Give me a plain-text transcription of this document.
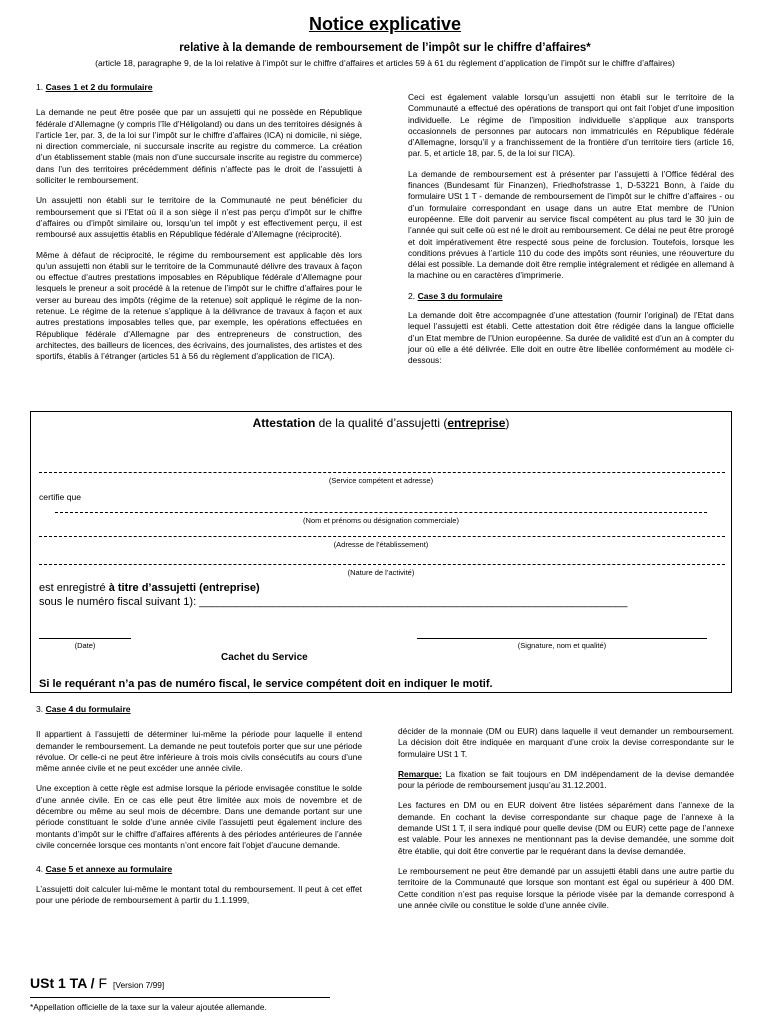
Notice explicative
relative à la demande de remboursement de l’impôt sur le chiffre d’affaires*
(article 18, paragraphe 9, de la loi relative à l’impôt sur le chiffre d’affaires et articles 59 à 61 du règlement d’application de l’impôt sur le chiffre d’affaires)
1. Cases 1 et 2 du formulaire

La demande ne peut être posée que par un assujetti qui ne possède en République fédérale d’Allemagne (y compris l’île d’Héligoland) ou dans un des territoires désignés à l’article 1er, par. 3, de la loi sur l’impôt sur le chiffre d’affaires (ICA) ni domicile, ni siège, ni direction commerciale, ni succursale inscrite au registre du commerce. La création d’un établissement stable (mais non d’une succursale inscrite au registre du commerce) dans l’un des territoires précédemment définis n’affecte pas le droit de l’assujetti à solliciter le remboursement.

Un assujetti non établi sur le territoire de la Communauté ne peut bénéficier du remboursement que si l’Etat où il a son siège il n’est pas perçu d’impôt sur le chiffre d’affaires ou d’impôt similaire ou, lorsqu’un tel impôt y est effectivement perçu, il est remboursé aux assujettis établis en République fédérale d’Allemagne (réciprocité).

Même à défaut de réciprocité, le régime du remboursement est applicable dès lors qu’un assujetti non établi sur le territoire de la Communauté délivre des travaux à façon ou effectue d’autres prestations imposables en République fédérale d’Allemagne pour lesquels le preneur a soit procédé à la retenue de l’impôt sur le chiffre d’affaires pour le verser au bureau des impôts (régime de la retenue) soit appliqué le régime de la non-retenue. Le régime de la retenue s’applique à la délivrance de travaux à façon et aux autres prestations imposables telles que, par exemple, les opérations effectuées en République fédérale d’Allemagne par des entrepreneurs de construction, des architectes, des bailleurs de licences, des écrivains, des journalistes, des artistes et des sportifs, établis à l’étranger (articles 51 à 56 du règlement d’application de l’ICA).

Ceci est également valable lorsqu’un assujetti non établi sur le territoire de la Communauté a effectué des opérations de transport qui ont fait l’objet d’une imposition individuelle. Le régime de l’imposition individuelle s’applique aux transports occasionnels de personnes par autocars non immatriculés en République fédérale d’Allemagne, lorsqu’il y a franchissement de la frontière d’un territoire tiers (article 16, par. 5, et article 18, par. 5, de la loi sur l’ICA).

La demande de remboursement est à présenter par l’assujetti à l’Office fédéral des finances (Bundesamt für Finanzen), Friedhofstrasse 1, D-53221 Bonn, à l’aide du formulaire USt 1 T - demande de remboursement de l’impôt sur le chiffre d’affaires - ou d’un formulaire correspondant en usage dans un autre Etat membre de l’Union européenne. Elle doit parvenir au service fiscal compétent au plus tard le 30 juin de l’année qui suit celle où est né le droit au remboursement. Ce délai ne peut être prorogé et doit impérativement être respecté sous peine de forclusion. Toutefois, lorsque les conditions prévues à l’article 110 du code des impôts sont réunies, une réouverture du délai est possible. La demande doit être remplie intégralement et rédigée en allemand à la machine ou en caractères d’imprimerie.

2. Case 3 du formulaire

La demande doit être accompagnée d’une attestation (fournir l’original) de l’Etat dans lequel l’assujetti est établi. Cette attestation doit être rédigée dans la langue officielle d’un Etat membre de l’Union européenne. Sa durée de validité est d’un an à compter du jour où elle a été délivrée. Elle doit en outre être libellée conformément au modèle ci-dessous:

Attestation de la qualité d’assujetti (entreprise)
(Service compétent et adresse)
certifie que
(Nom et prénoms ou désignation commerciale)
(Adresse de l’établissement)
(Nature de l’activité)
est enregistré à titre d’assujetti (entreprise)
sous le numéro fiscal suivant 1): ______________________________________________________________________
(Date)	(Signature, nom et qualité)
Cachet du Service
Si le requérant n’a pas de numéro fiscal, le service compétent doit en indiquer le motif.
3. Case 4 du formulaire

Il appartient à l’assujetti de déterminer lui-même la période pour laquelle il entend demander le remboursement. La demande ne peut toutefois porter que sur une période révolue. Or celle-ci ne peut être inférieure à trois mois civils consécutifs au cours d’une même année civile et ne peut excéder une année civile.

Une exception à cette règle est admise lorsque la période envisagée constitue le solde d’une année civile. En ce cas elle peut être limitée aux mois de novembre et de décembre ou même au seul mois de décembre. Dans une demande portant sur une période constituant le solde d’une année civile l’assujetti peut également inclure des montants d’impôt sur le chiffre d’affaires afférents à des périodes antérieures de l’année civile concernée lorsque ces montants n’ont encore fait l’objet d’aucune demande.

4. Case 5 et annexe au formulaire

L’assujetti doit calculer lui-même le montant total du remboursement. Il peut à cet effet pour une période de remboursement à partir du 1.1.1999,

décider de la monnaie (DM ou EUR) dans laquelle il veut demander un remboursement. La décision doit être indiquée en marquant d’une croix la devise correspondante sur le formulaire USt 1 T.

Remarque: La fixation se fait toujours en DM indépendament de la devise demandée pour la période de remboursement jusqu’au 31.12.2001.

Les factures en DM ou en EUR doivent être listées séparément dans l’annexe de la demande. En cochant la devise correspondante sur chaque page de l’annexe à la demande USt 1 T, il sera indiqué pour quelle devise (DM ou EUR) cette page de l’annexe est valable. Pour les annexes ne mentionnant pas la devise demandée, une somme doit être établie, qui doit être convertie par le requérant dans la devise demandée.

Le remboursement ne peut être demandé par un assujetti établi dans une autre partie du territoire de la Communauté que lorsque son montant est égal ou supérieur à 400 DM. Cette condition n’est pas requise lorsque la période visée par la demande correspond à une année civile ou constitue le solde d’une année civile.

USt 1 TA / F [Version 7/99]
*Appellation officielle de la taxe sur la valeur ajoutée allemande.
